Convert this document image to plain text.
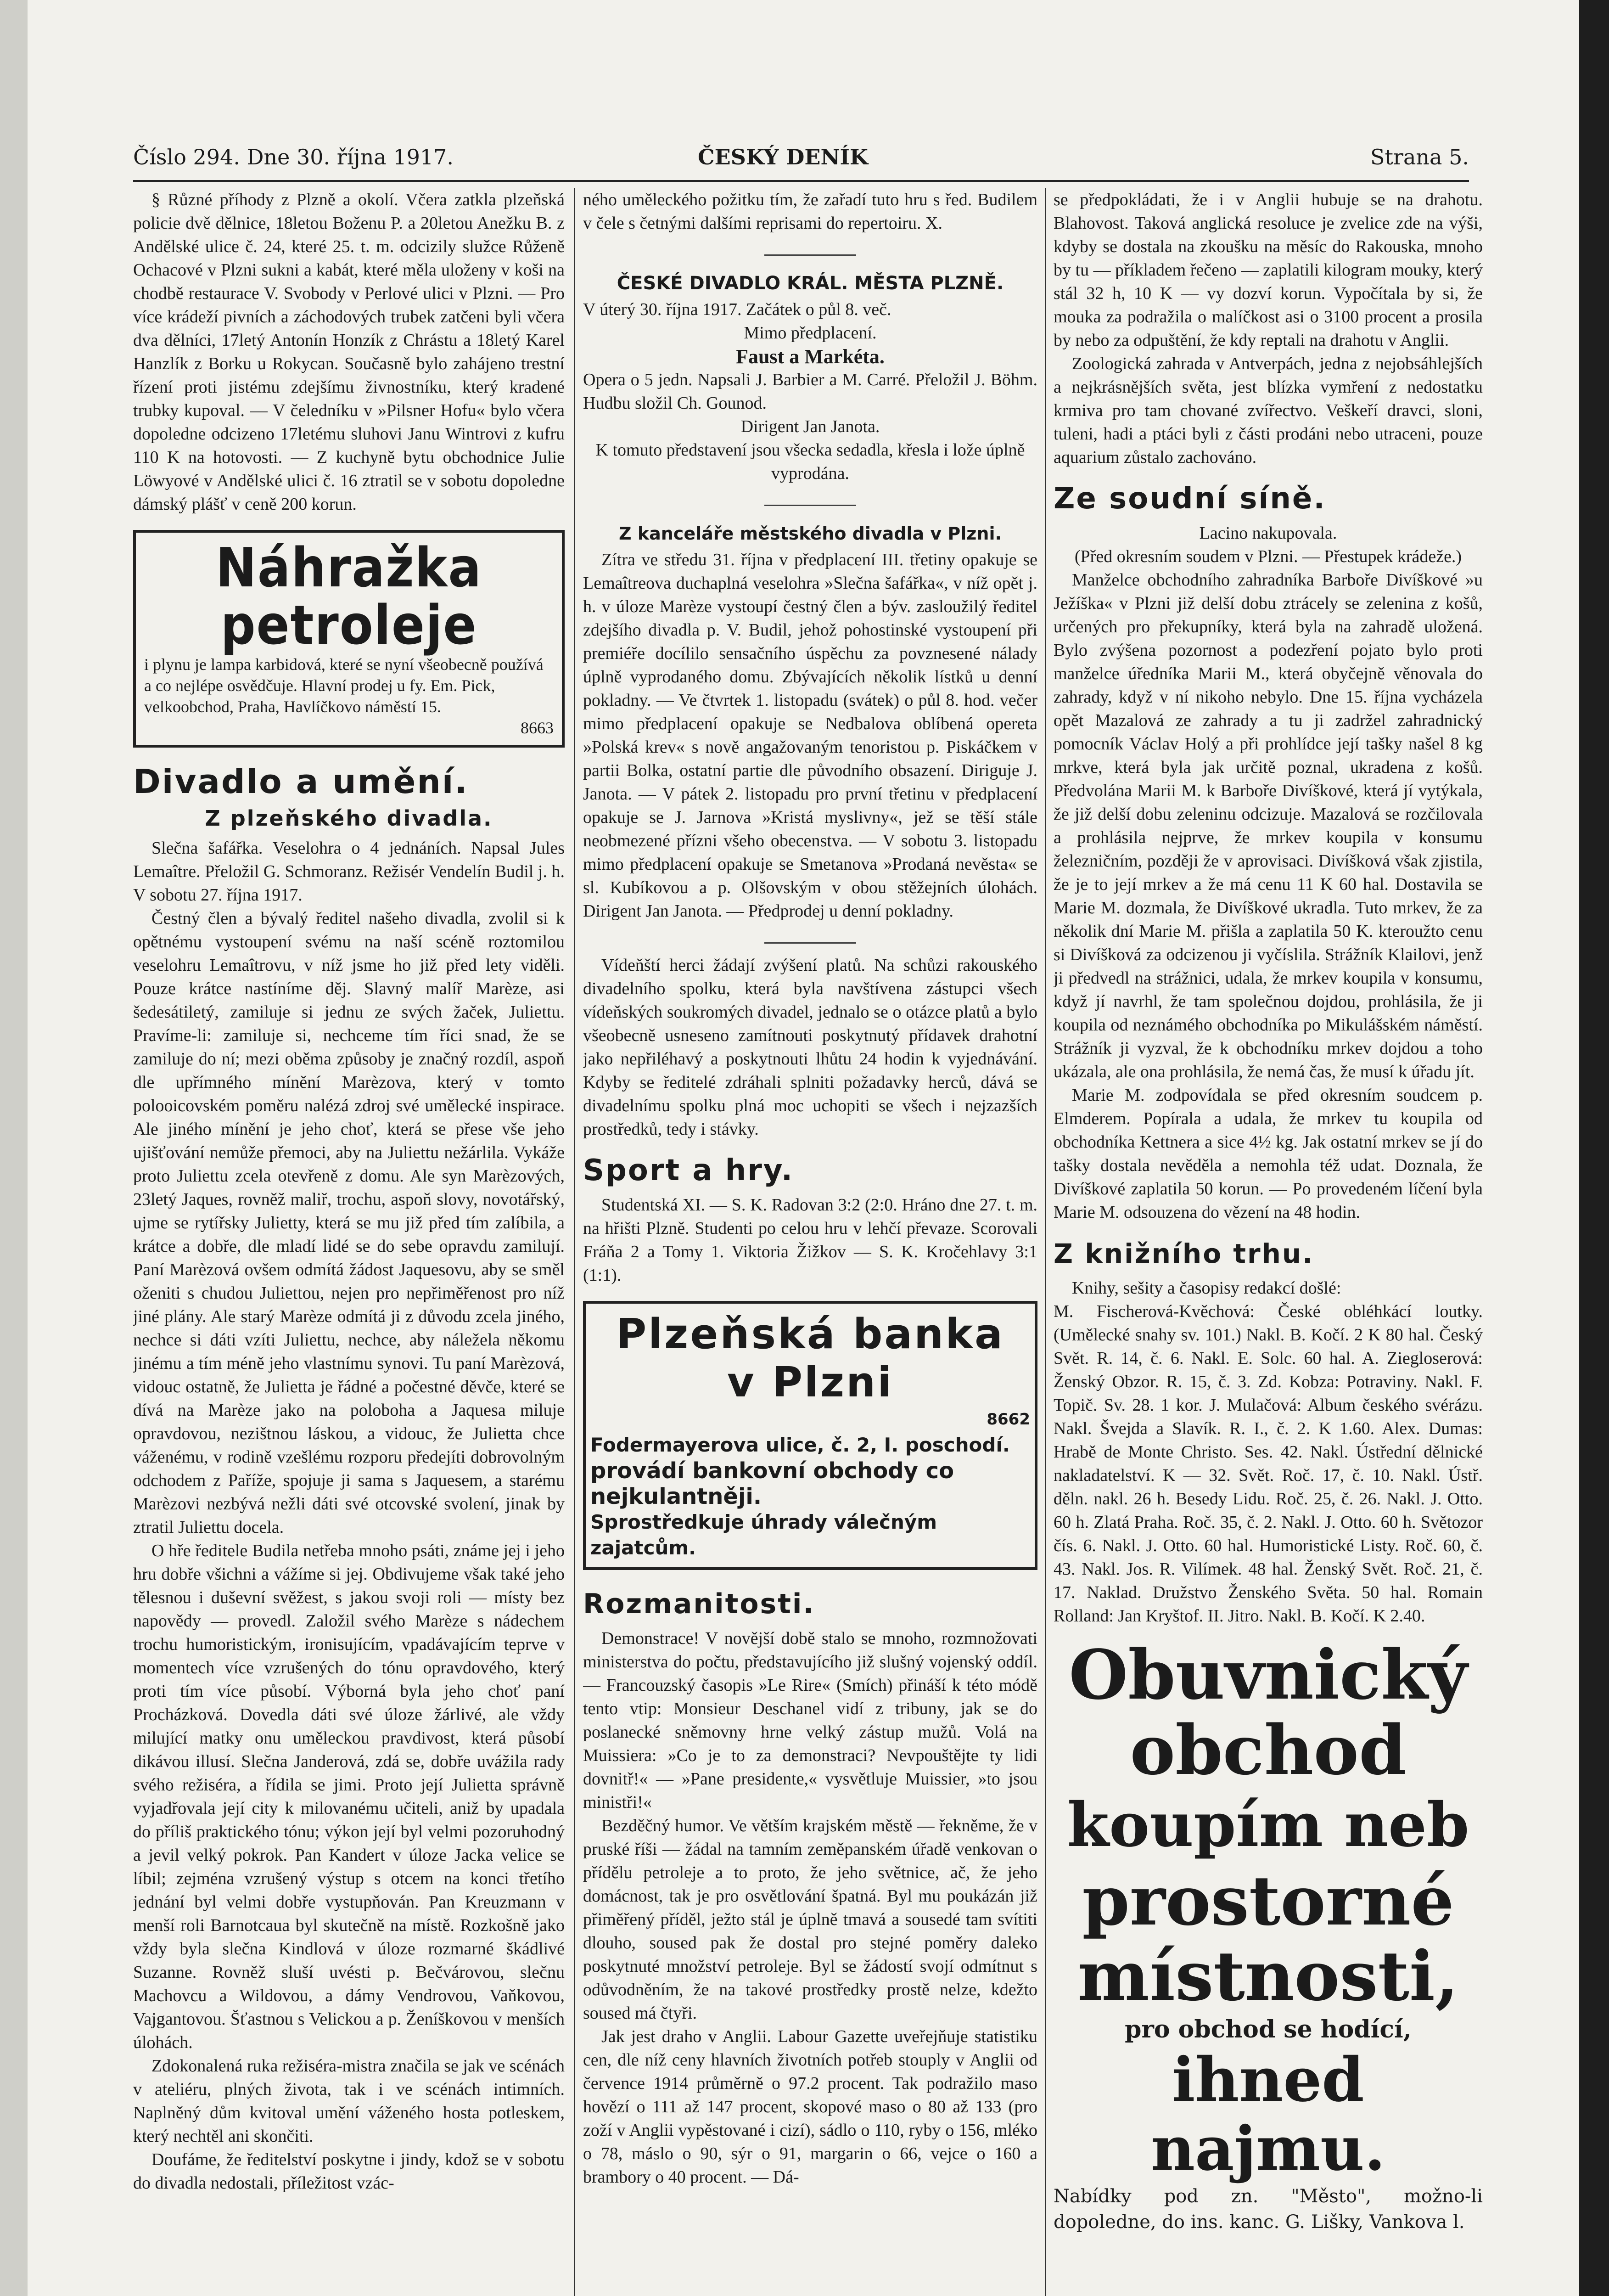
Číslo 294. Dne 30. října 1917.	ČESKÝ DENÍK	Strana 5.

§ Různé příhody z Plzně a okolí. Včera zatkla plzeňská policie dvě dělnice, 18letou Boženu P. a 20letou Anežku B. z Andělské ulice č. 24, které 25. t. m. odcizily služce Růženě Ochacové v Plzni sukni a kabát, které měla uloženy v koši na chodbě restaurace V. Svobody v Perlové ulici v Plzni. — Pro více krádeží pivních a záchodových trubek zatčeni byli včera dva dělníci, 17letý Antonín Honzík z Chrástu a 18letý Karel Hanzlík z Borku u Rokycan. Současně bylo zahájeno trestní řízení proti jistému zdejšímu živnostníku, který kradené trubky kupoval. — V čeledníku v »Pilsner Hofu« bylo včera dopoledne odcizeno 17letému sluhovi Janu Wintrovi z kufru 110 K na hotovosti. — Z kuchyně bytu obchodnice Julie Löwyové v Andělské ulici č. 16 ztratil se v sobotu dopoledne dámský plášť v ceně 200 korun.

Náhražka petroleje
i plynu je lampa karbidová, které se nyní všeobecně používá a co nejlépe osvědčuje. Hlavní prodej u fy. Em. Pick, velkoobchod, Praha, Havlíčkovo náměstí 15.
8663
Divadlo a umění.
Z plzeňského divadla.

Slečna šafářka. Veselohra o 4 jednáních. Napsal Jules Lemaître. Přeložil G. Schmoranz. Režisér Vendelín Budil j. h. V sobotu 27. října 1917.

Čestný člen a bývalý ředitel našeho divadla, zvolil si k opětnému vystoupení svému na naší scéně roztomilou veselohru Lemaîtrovu, v níž jsme ho již před lety viděli. Pouze krátce nastíníme děj. Slavný malíř Marèze, asi šedesátiletý, zamiluje si jednu ze svých žaček, Juliettu. Pravíme-li: zamiluje si, nechceme tím říci snad, že se zamiluje do ní; mezi oběma způsoby je značný rozdíl, aspoň dle upřímného mínění Marèzova, který v tomto polooicovském poměru nalézá zdroj své umělecké inspirace. Ale jiného mínění je jeho choť, která se přese vše jeho ujišťování nemůže přemoci, aby na Juliettu nežárlila. Vykáže proto Juliettu zcela otevřeně z domu. Ale syn Marèzových, 23letý Jaques, rovněž maliř, trochu, aspoň slovy, novotářský, ujme se rytířsky Julietty, která se mu již před tím zalíbila, a krátce a dobře, dle mladí lidé se do sebe opravdu zamilují. Paní Marèzová ovšem odmítá žádost Jaquesovu, aby se směl oženiti s chudou Juliettou, nejen pro nepřiměřenost pro níž jiné plány. Ale starý Marèze odmítá ji z důvodu zcela jiného, nechce si dáti vzíti Juliettu, nechce, aby náležela někomu jinému a tím méně jeho vlastnímu synovi. Tu paní Marèzová, vidouc ostatně, že Julietta je řádné a počestné děvče, které se dívá na Marèze jako na poloboha a Jaquesa miluje opravdovou, nezištnou láskou, a vidouc, že Julietta chce váženému, v rodině vzešlému rozporu předejíti dobrovolným odchodem z Paříže, spojuje ji sama s Jaquesem, a starému Marèzovi nezbývá nežli dáti své otcovské svolení, jinak by ztratil Juliettu docela.

O hře ředitele Budila netřeba mnoho psáti, známe jej i jeho hru dobře všichni a vážíme si jej. Obdivujeme však také jeho tělesnou i duševní svěžest, s jakou svoji roli — místy bez napovědy — provedl. Založil svého Marèze s nádechem trochu humoristickým, ironisujícím, vpadávajícím teprve v momentech více vzrušených do tónu opravdového, který proti tím více působí. Výborná byla jeho choť paní Procházková. Dovedla dáti své úloze žárlivé, ale vždy milující matky onu uměleckou pravdivost, která působí dikávou illusí. Slečna Janderová, zdá se, dobře uvážila rady svého režiséra, a řídila se jimi. Proto její Julietta správně vyjadřovala její city k milovanému učiteli, aniž by upadala do příliš praktického tónu; výkon její byl velmi pozoruhodný a jevil velký pokrok. Pan Kandert v úloze Jacka velice se líbil; zejména vzrušený výstup s otcem na konci třetího jednání byl velmi dobře vystupňován. Pan Kreuzmann v menší roli Barnotcaua byl skutečně na místě. Rozkošně jako vždy byla slečna Kindlová v úloze rozmarné škádlivé Suzanne. Rovněž sluší uvésti p. Bečvárovou, slečnu Machovcu a Wildovou, a dámy Vendrovou, Vaňkovou, Vajgantovou. Šťastnou s Velickou a p. Ženíškovou v menších úlohách.

Zdokonalená ruka režiséra-mistra značila se jak ve scénách v ateliéru, plných života, tak i ve scénách intimních. Naplněný dům kvitoval umění váženého hosta potleskem, který nechtěl ani skončiti.

Doufáme, že ředitelství poskytne i jindy, kdož se v sobotu do divadla nedostali, příležitost vzác-

ného uměleckého požitku tím, že zařadí tuto hru s řed. Budilem v čele s četnými dalšími reprisami do repertoiru. X.

ČESKÉ DIVADLO KRÁL. MĚSTA PLZNĚ.

V úterý 30. října 1917. Začátek o půl 8. več.

Mimo předplacení.

Faust a Markéta.

Opera o 5 jedn. Napsali J. Barbier a M. Carré. Přeložil J. Böhm. Hudbu složil Ch. Gounod.

Dirigent Jan Janota.

K tomuto představení jsou všecka sedadla, křesla i lože úplně vyprodána.

Z kanceláře městského divadla v Plzni.

Zítra ve středu 31. října v předplacení III. třetiny opakuje se Lemaîtreova duchaplná veselohra »Slečna šafářka«, v níž opět j. h. v úloze Marèze vystoupí čestný člen a býv. zasloužilý ředitel zdejšího divadla p. V. Budil, jehož pohostinské vystoupení při premiéře docílilo sensačního úspěchu za povznesené nálady úplně vyprodaného domu. Zbývajících několik lístků u denní pokladny. — Ve čtvrtek 1. listopadu (svátek) o půl 8. hod. večer mimo předplacení opakuje se Nedbalova oblíbená opereta »Polská krev« s nově angažovaným tenoristou p. Piskáčkem v partii Bolka, ostatní partie dle původního obsazení. Diriguje J. Janota. — V pátek 2. listopadu pro první třetinu v předplacení opakuje se J. Jarnova »Kristá myslivny«, jež se těší stále neobmezené přízni všeho obecenstva. — V sobotu 3. listopadu mimo předplacení opakuje se Smetanova »Prodaná nevěsta« se sl. Kubíkovou a p. Olšovským v obou stěžejních úlohách. Dirigent Jan Janota. — Předprodej u denní pokladny.

Vídeňští herci žádají zvýšení platů. Na schůzi rakouského divadelního spolku, která byla navštívena zástupci všech vídeňských soukromých divadel, jednalo se o otázce platů a bylo všeobecně usneseno zamítnouti poskytnutý přídavek drahotní jako nepřiléhavý a poskytnouti lhůtu 24 hodin k vyjednávání. Kdyby se ředitelé zdráhali splniti požadavky herců, dává se divadelnímu spolku plná moc uchopiti se všech i nejzazších prostředků, tedy i stávky.

Sport a hry.

Studentská XI. — S. K. Radovan 3:2 (2:0. Hráno dne 27. t. m. na hřišti Plzně. Studenti po celou hru v lehčí převaze. Scorovali Fráňa 2 a Tomy 1. Viktoria Žižkov — S. K. Kročehlavy 3:1 (1:1).

Plzeňská banka
v Plzni
8662
Fodermayerova ulice, č. 2, I. poschodí.
provádí bankovní obchody co nejkulantněji.
Sprostředkuje úhrady válečným zajatcům.
Rozmanitosti.

Demonstrace! V novější době stalo se mnoho, rozmnožovati ministerstva do počtu, představujícího již slušný vojenský oddíl. — Francouzský časopis »Le Rire« (Smích) přináší k této módě tento vtip: Monsieur Deschanel vidí z tribuny, jak se do poslanecké sněmovny hrne velký zástup mužů. Volá na Muissiera: »Co je to za demonstraci? Nevpouštějte ty lidi dovnitř!« — »Pane presidente,« vysvětluje Muissier, »to jsou ministři!«

Bezděčný humor. Ve větším krajském městě — řekněme, že v pruské říši — žádal na tamním zeměpanském úřadě venkovan o přídělu petroleje a to proto, že jeho světnice, ač, že jeho domácnost, tak je pro osvětlování špatná. Byl mu poukázán již přiměřený příděl, ježto stál je úplně tmavá a sousedé tam svítiti dlouho, soused pak že dostal pro stejné poměry daleko poskytnuté množství petroleje. Byl se žádostí svojí odmítnut s odůvodněním, že na takové prostředky prostě nelze, kdežto soused má čtyři.

Jak jest draho v Anglii. Labour Gazette uveřejňuje statistiku cen, dle níž ceny hlavních životních potřeb stouply v Anglii od července 1914 průměrně o 97.2 procent. Tak podražilo maso hovězí o 111 až 147 procent, skopové maso o 80 až 133 (pro zoží v Anglii vypěstované i cizí), sádlo o 110, ryby o 156, mléko o 78, máslo o 90, sýr o 91, margarin o 66, vejce o 160 a brambory o 40 procent. — Dá-

se předpokládati, že i v Anglii hubuje se na drahotu. Blahovost. Taková anglická resoluce je zvelice zde na výši, kdyby se dostala na zkoušku na měsíc do Rakouska, mnoho by tu — příkladem řečeno — zaplatili kilogram mouky, který stál 32 h, 10 K — vy dozví korun. Vypočítala by si, že mouka za podražila o malíčkost asi o 3100 procent a prosila by nebo za odpuštění, že kdy reptali na drahotu v Anglii.

Zoologická zahrada v Antverpách, jedna z nejobsáhlejších a nejkrásnějších světa, jest blízka vymření z nedostatku krmiva pro tam chované zvířectvo. Veškeří dravci, sloni, tuleni, hadi a ptáci byli z části prodáni nebo utraceni, pouze aquarium zůstalo zachováno.

Ze soudní síně.

Lacino nakupovala.

(Před okresním soudem v Plzni. — Přestupek krádeže.)

Manželce obchodního zahradníka Barboře Divíškové »u Ježíška« v Plzni již delší dobu ztrácely se zelenina z košů, určených pro překupníky, která byla na zahradě uložená. Bylo zvýšena pozornost a podezření pojato bylo proti manželce úředníka Marii M., která obyčejně věnovala do zahrady, když v ní nikoho nebylo. Dne 15. října vycházela opět Mazalová ze zahrady a tu ji zadržel zahradnický pomocník Václav Holý a při prohlídce její tašky našel 8 kg mrkve, která byla jak určitě poznal, ukradena z košů. Předvolána Marii M. k Barboře Divíškové, která jí vytýkala, že již delší dobu zeleninu odcizuje. Mazalová se rozčilovala a prohlásila nejprve, že mrkev koupila v konsumu železničním, později že v aprovisaci. Divíšková však zjistila, že je to její mrkev a že má cenu 11 K 60 hal. Dostavila se Marie M. dozmala, že Divíškové ukradla. Tuto mrkev, že za několik dní Marie M. přišla a zaplatila 50 K. kteroužto cenu si Divíšková za odcizenou ji vyčíslila. Strážník Klailovi, jenž ji předvedl na strážnici, udala, že mrkev koupila v konsumu, když jí navrhl, že tam společnou dojdou, prohlásila, že ji koupila od neznámého obchodníka po Mikulášském náměstí. Strážník ji vyzval, že k obchodníku mrkev dojdou a toho ukázala, ale ona prohlásila, že nemá čas, že musí k úřadu jít.

Marie M. zodpovídala se před okresním soudcem p. Elmderem. Popírala a udala, že mrkev tu koupila od obchodníka Kettnera a sice 4½ kg. Jak ostatní mrkev se jí do tašky dostala nevěděla a nemohla též udat. Doznala, že Divíškové zaplatila 50 korun. — Po provedeném líčení byla Marie M. odsouzena do vězení na 48 hodin.

Z knižního trhu.

Knihy, sešity a časopisy redakcí došlé:

M. Fischerová-Kvěchová: České obléhkácí loutky. (Umělecké snahy sv. 101.) Nakl. B. Kočí. 2 K 80 hal. Český Svět. R. 14, č. 6. Nakl. E. Solc. 60 hal. A. Ziegloserová: Ženský Obzor. R. 15, č. 3. Zd. Kobza: Potraviny. Nakl. F. Topič. Sv. 28. 1 kor. J. Mulačová: Album českého svérázu. Nakl. Švejda a Slavík. R. I., č. 2. K 1.60. Alex. Dumas: Hrabě de Monte Christo. Ses. 42. Nakl. Ústřední dělnické nakladatelství. K — 32. Svět. Roč. 17, č. 10. Nakl. Ústř. děln. nakl. 26 h. Besedy Lidu. Roč. 25, č. 26. Nakl. J. Otto. 60 h. Zlatá Praha. Roč. 35, č. 2. Nakl. J. Otto. 60 h. Světozor čís. 6. Nakl. J. Otto. 60 hal. Humoristické Listy. Roč. 60, č. 43. Nakl. Jos. R. Vilímek. 48 hal. Ženský Svět. Roč. 21, č. 17. Naklad. Družstvo Ženského Světa. 50 hal. Romain Rolland: Jan Kryštof. II. Jitro. Nakl. B. Kočí. K 2.40.

Obuvnický
obchod
koupím neb
prostorné
místnosti,
pro obchod se hodící,
ihned najmu.
Nabídky pod zn. "Město", možno-li dopoledne, do ins. kanc. G. Lišky, Vankova l.
